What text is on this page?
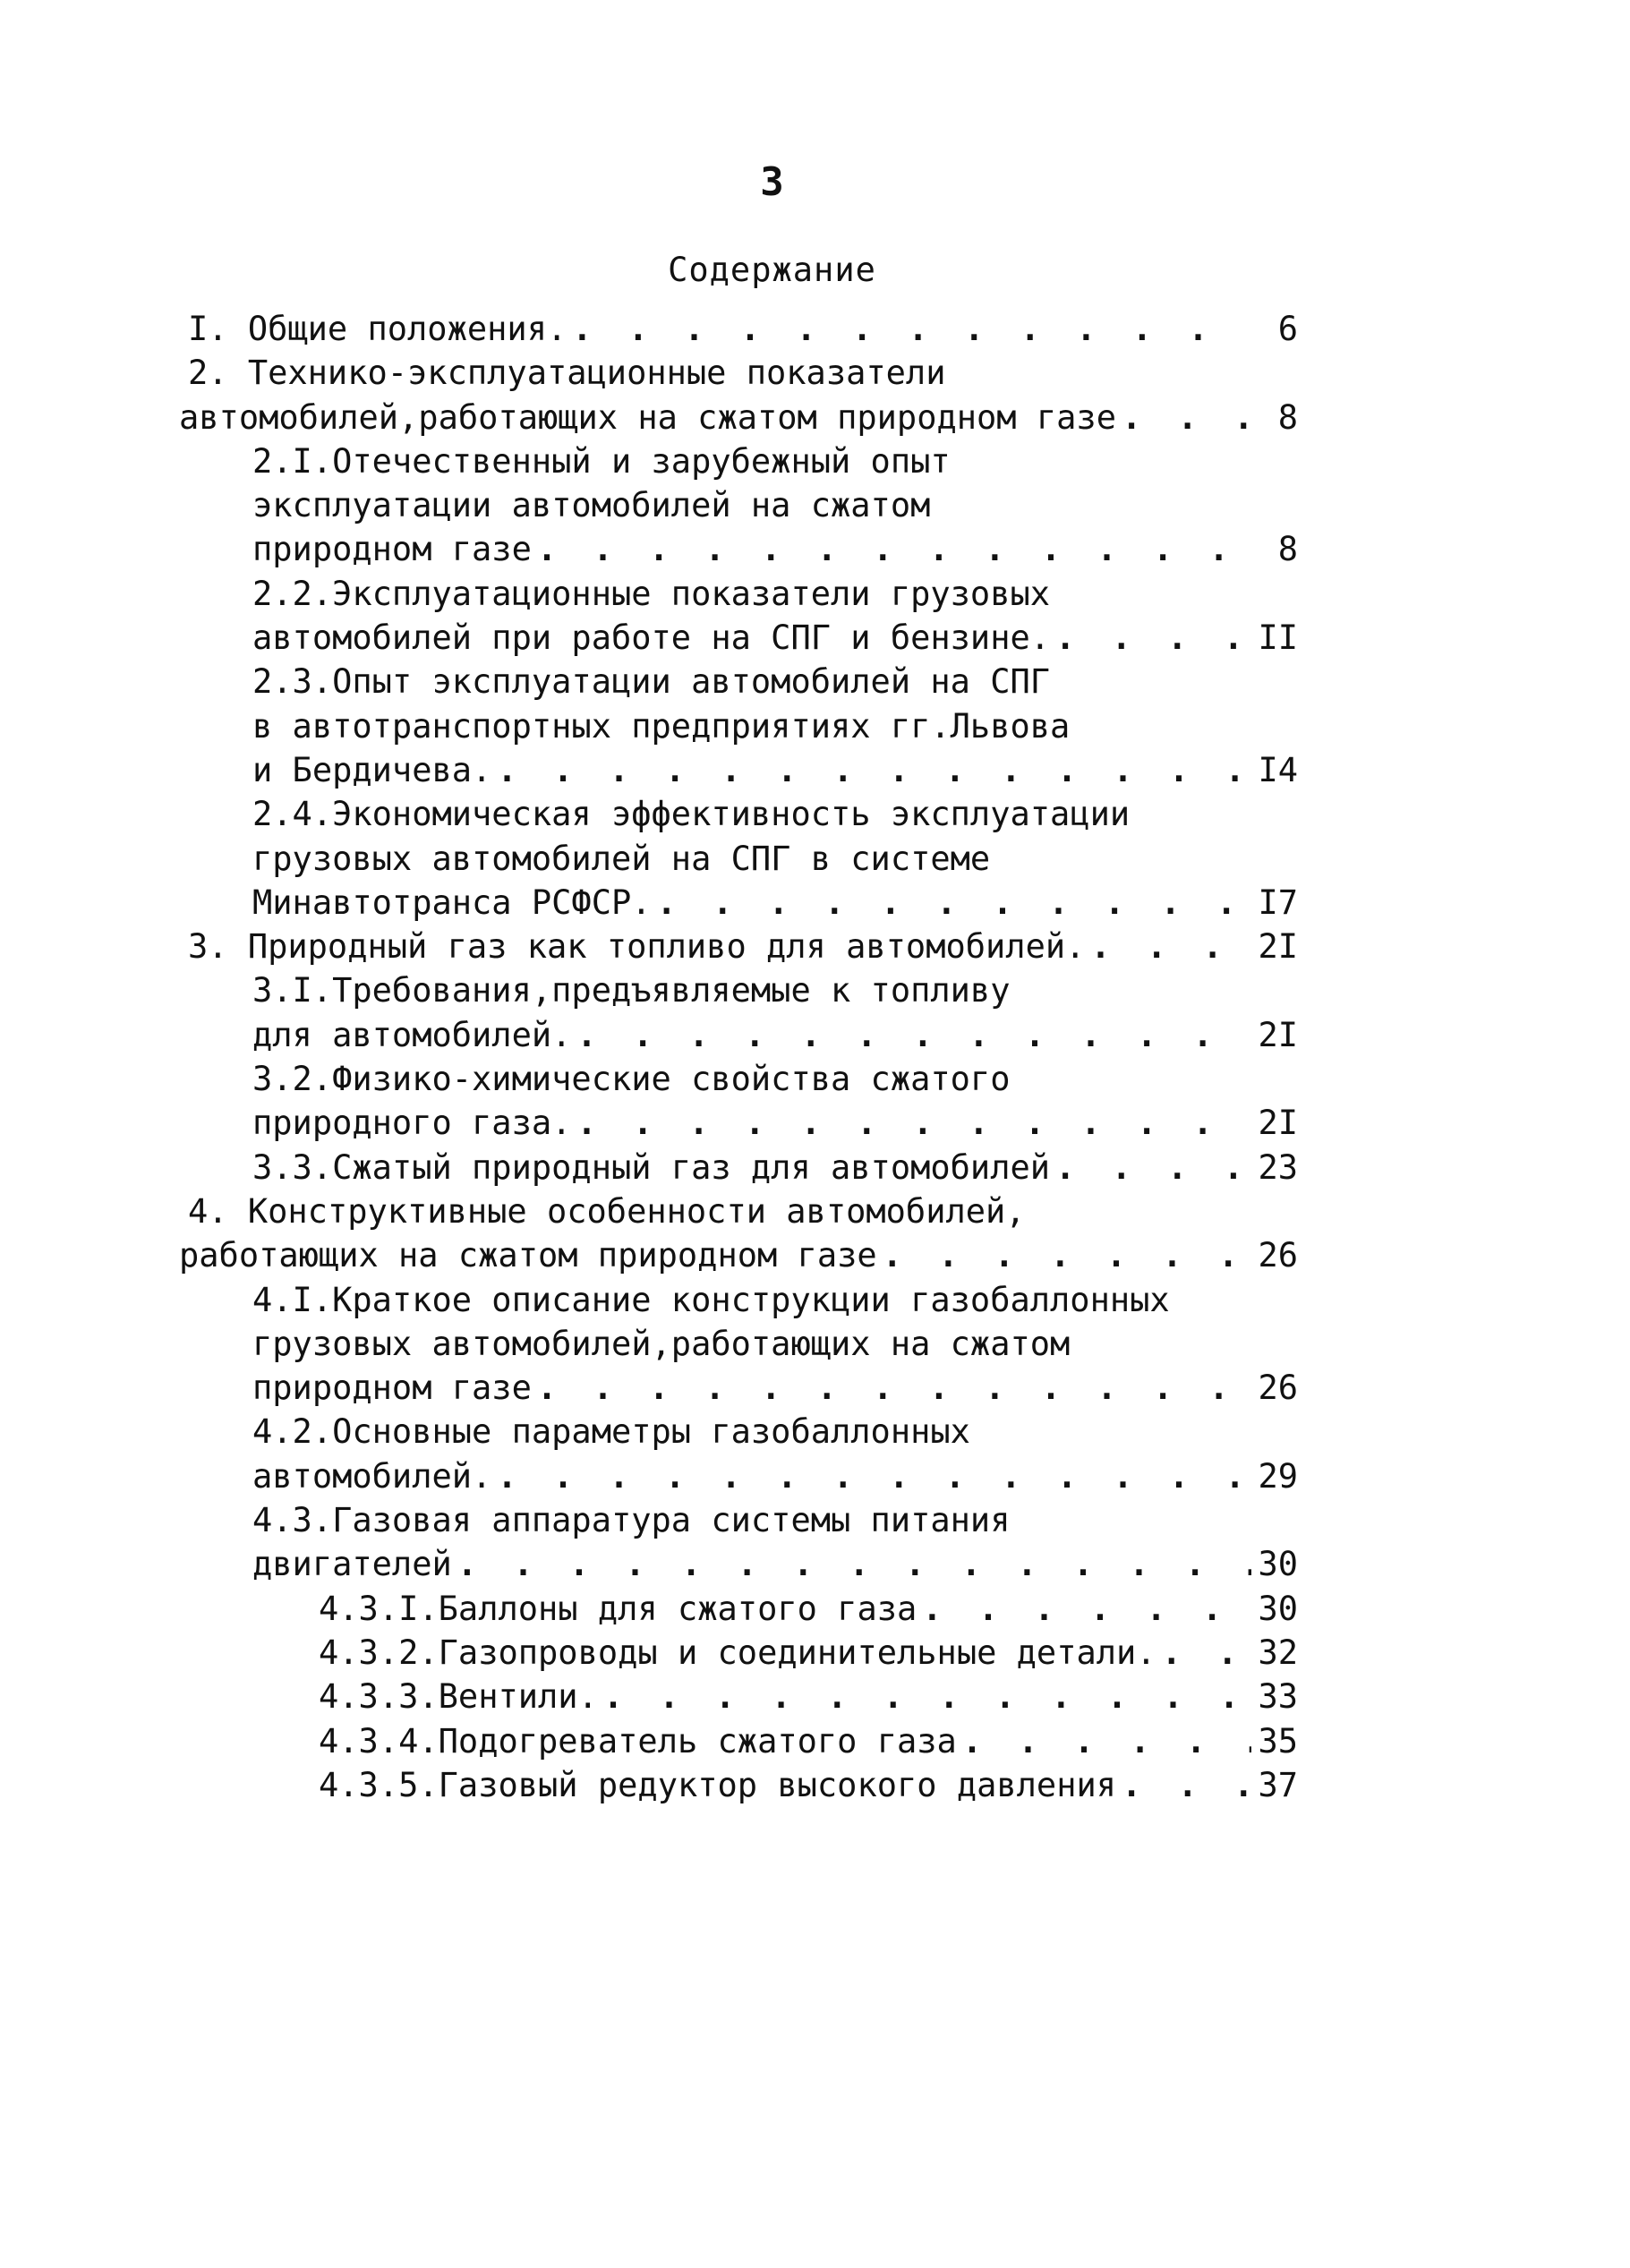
3
Содержание
I. Общие положения. . . .	6
2. Технико-эксплуатационные показатели
автомобилей,работающих на сжатом природном газе . . .	8
2.I.Отечественный и зарубежный опыт
эксплуатации автомобилей на сжатом
природном газе . . .	8
2.2.Эксплуатационные показатели грузовых
автомобилей при работе на СПГ и бензине. . . .	II
2.3.Опыт эксплуатации автомобилей на СПГ
в автотранспортных предприятиях гг.Львова
и Бердичева. . . .	I4
2.4.Экономическая эффективность эксплуатации
грузовых автомобилей на СПГ в системе
Минавтотранса РСФСР. . . .	I7
3. Природный газ как топливо для автомобилей. . . .	2I
3.I.Требования,предъявляемые к топливу
для автомобилей. . . .	2I
3.2.Физико-химические свойства сжатого
природного газа. . . .	2I
3.3.Сжатый природный газ для автомобилей . . .	23
4. Конструктивные особенности автомобилей,
работающих на сжатом природном газе . . .	26
4.I.Краткое описание конструкции газобаллонных
грузовых автомобилей,работающих на сжатом
природном газе . . .	26
4.2.Основные параметры газобаллонных
автомобилей. . . .	29
4.3.Газовая аппаратура системы питания
двигателей . . .	30
4.3.I.Баллоны для сжатого газа . . .	30
4.3.2.Газопроводы и соединительные детали. . . .	32
4.3.3.Вентили. . . .	33
4.3.4.Подогреватель сжатого газа . . .	35
4.3.5.Газовый редуктор высокого давления . . .	37
